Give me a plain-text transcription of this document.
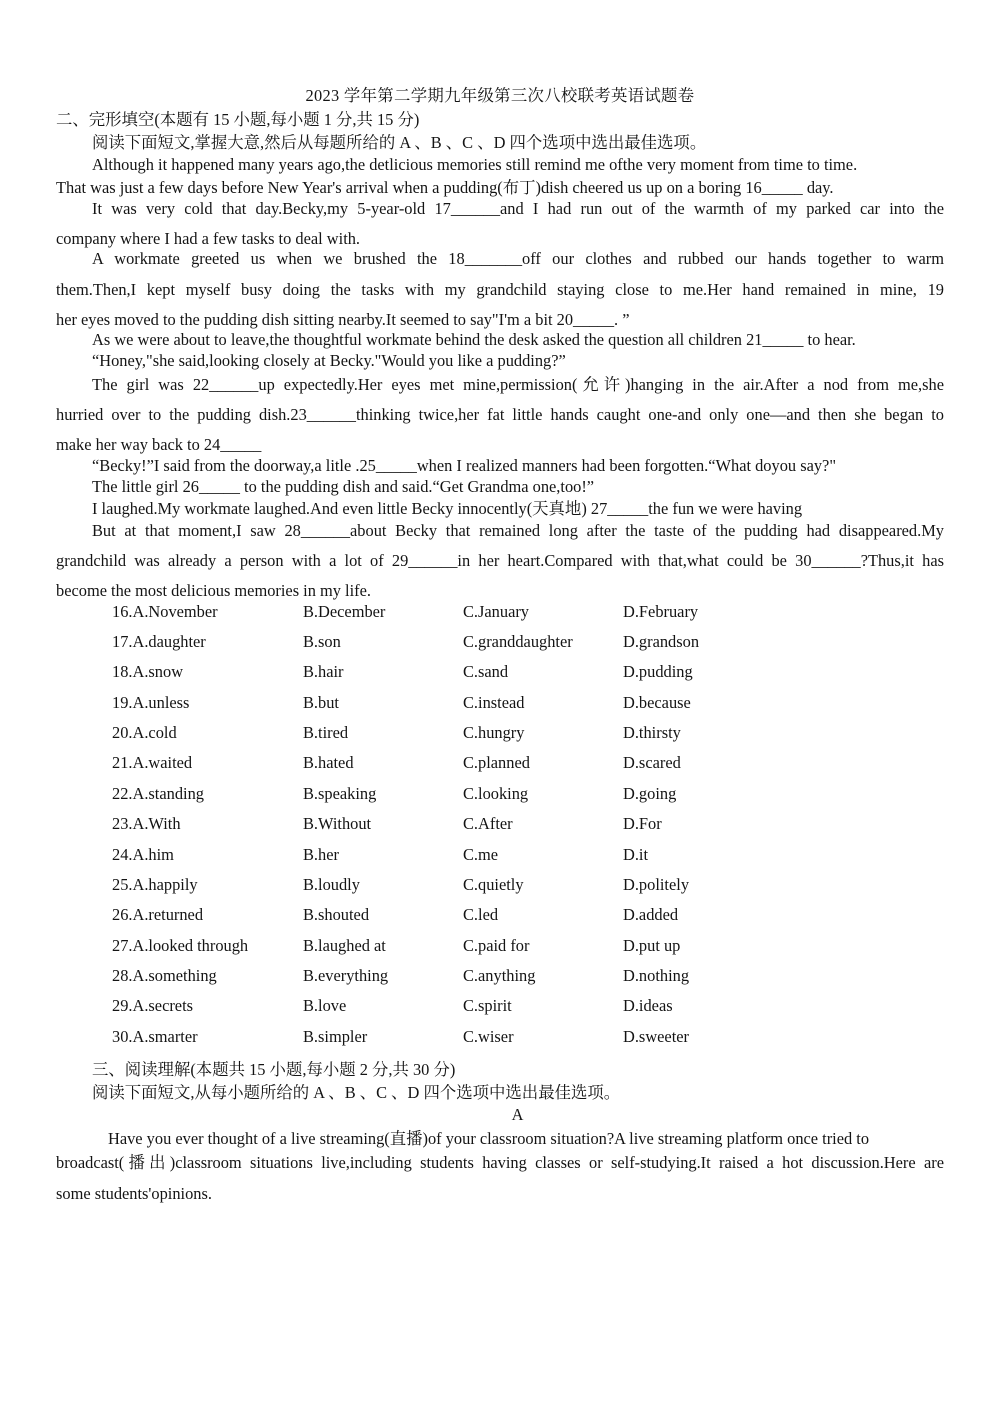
2023 学年第二学期九年级第三次八校联考英语试题卷
二、完形填空(本题有 15 小题,每小题 1 分,共 15 分)
阅读下面短文,掌握大意,然后从每题所给的 A 、B 、C 、D 四个选项中选出最佳选项。
Although it happened many years ago,the detlicious memories still remind me ofthe very moment from time to time.
That was just a few days before New Year's arrival when a pudding(布丁)dish cheered us up on a boring 16_____ day.
It was very cold that day.Becky,my 5-year-old 17______and I had run out of the warmth of my parked car into the
company where I had a few tasks to deal with.
A workmate greeted us when we brushed the 18_______off our clothes and rubbed our hands together to warm
them.Then,I kept myself busy doing the tasks with my grandchild staying close to me.Her hand remained in mine, 19
her eyes moved to the pudding dish sitting nearby.It seemed to say"I'm a bit 20_____. ”
As we were about to leave,the thoughtful workmate behind the desk asked the question all children 21_____ to hear.
“Honey,"she said,looking closely at Becky."Would you like a pudding?”
The girl was 22______up expectedly.Her eyes met mine,permission(允许)hanging in the air.After a nod from me,she
hurried over to the pudding dish.23______thinking twice,her fat little hands caught one-and only one—and then she began to
make her way back to 24_____
“Becky!”I said from the doorway,a litle .25_____when I realized manners had been forgotten.“What doyou say?"
The little girl 26_____ to the pudding dish and said.“Get Grandma one,too!”
I laughed.My workmate laughed.And even little Becky innocently(天真地) 27_____the fun we were having
But at that moment,I saw 28______about Becky that remained long after the taste of the pudding had disappeared.My
grandchild was already a person with a lot of 29______in her heart.Compared with that,what could be 30______?Thus,it has
become the most delicious memories in my life.
16.A.November	B.December	C.January	D.February
17.A.daughter	B.son	C.granddaughter	D.grandson
18.A.snow	B.hair	C.sand	D.pudding
19.A.unless	B.but	C.instead	D.because
20.A.cold	B.tired	C.hungry	D.thirsty
21.A.waited	B.hated	C.planned	D.scared
22.A.standing	B.speaking	C.looking	D.going
23.A.With	B.Without	C.After	D.For
24.A.him	B.her	C.me	D.it
25.A.happily	B.loudly	C.quietly	D.politely
26.A.returned	B.shouted	C.led	D.added
27.A.looked through	B.laughed at	C.paid for	D.put up
28.A.something	B.everything	C.anything	D.nothing
29.A.secrets	B.love	C.spirit	D.ideas
30.A.smarter	B.simpler	C.wiser	D.sweeter
三、阅读理解(本题共 15 小题,每小题 2 分,共 30 分)
阅读下面短文,从每小题所给的 A 、B 、C 、D 四个选项中选出最佳选项。
A
Have you ever thought of a live streaming(直播)of your classroom situation?A live streaming platform once tried to
broadcast(播出)classroom situations live,including students having classes or self-studying.It raised a hot discussion.Here are
some students'opinions.
